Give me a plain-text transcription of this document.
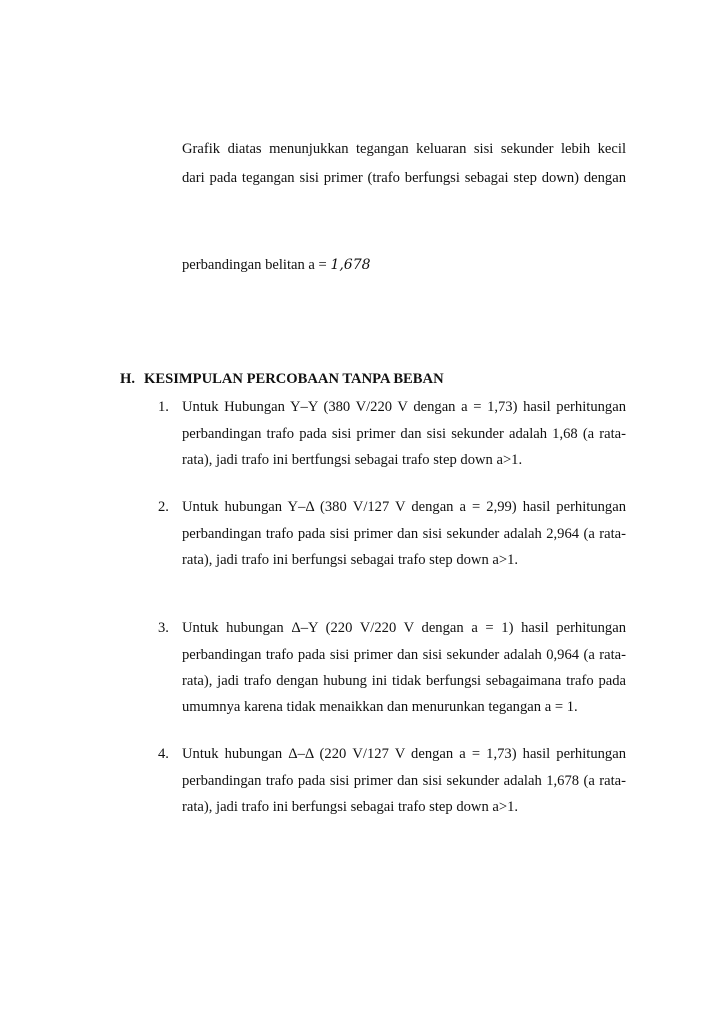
Grafik diatas menunjukkan tegangan keluaran sisi sekunder lebih kecil
dari pada tegangan sisi primer (trafo berfungsi sebagai step down) dengan
perbandingan belitan a = 1,678
H. KESIMPULAN PERCOBAAN TANPA BEBAN
1. Untuk Hubungan Y–Y (380 V/220 V dengan a = 1,73) hasil perhitungan
perbandingan trafo pada sisi primer dan sisi sekunder adalah 1,68 (a rata-
rata), jadi trafo ini bertfungsi sebagai trafo step down a>1.
2. Untuk hubungan Y–Δ (380 V/127 V dengan a = 2,99) hasil perhitungan
perbandingan trafo pada sisi primer dan sisi sekunder adalah 2,964 (a rata-
rata), jadi trafo ini berfungsi sebagai trafo step down a>1.
3. Untuk hubungan Δ–Y (220 V/220 V dengan a = 1) hasil perhitungan
perbandingan trafo pada sisi primer dan sisi sekunder adalah 0,964 (a rata-
rata), jadi trafo dengan hubung ini tidak berfungsi sebagaimana trafo pada
umumnya karena tidak menaikkan dan menurunkan tegangan a = 1.
4. Untuk hubungan Δ–Δ (220 V/127 V dengan a = 1,73) hasil perhitungan
perbandingan trafo pada sisi primer dan sisi sekunder adalah 1,678 (a rata-
rata), jadi trafo ini berfungsi sebagai trafo step down a>1.
